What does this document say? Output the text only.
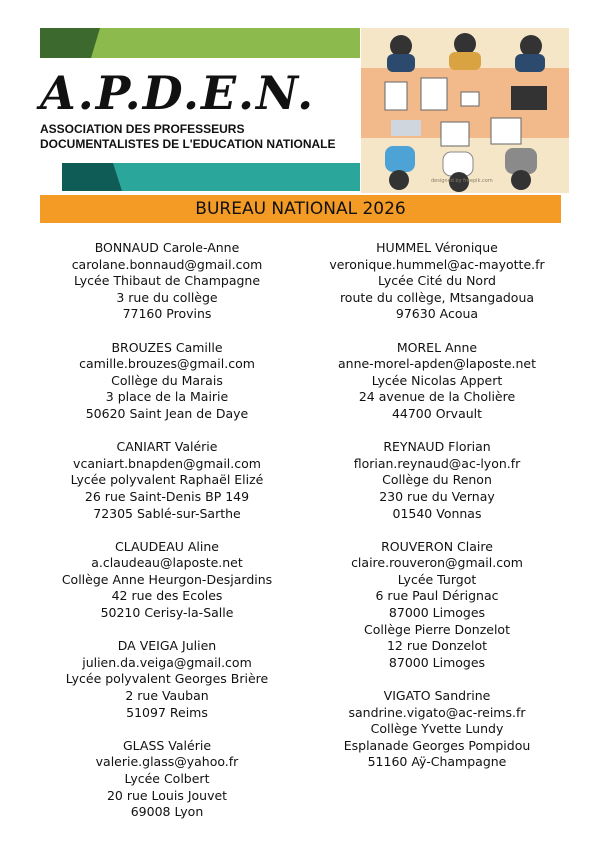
A.P.D.E.N.
ASSOCIATION DES PROFESSEURS
DOCUMENTALISTES DE L'EDUCATION NATIONALE
designed by freepik.com
BUREAU NATIONAL 2026
BONNAUD Carole-Anne
carolane.bonnaud@gmail.com
Lycée Thibaut de Champagne
3 rue du collège
77160 Provins
BROUZES Camille
camille.brouzes@gmail.com
Collège du Marais
3 place de la Mairie
50620 Saint Jean de Daye
CANIART Valérie
vcaniart.bnapden@gmail.com
Lycée polyvalent Raphaël Elizé
26 rue Saint-Denis BP 149
72305 Sablé-sur-Sarthe
CLAUDEAU Aline
a.claudeau@laposte.net
Collège Anne Heurgon-Desjardins
42 rue des Ecoles
50210 Cerisy-la-Salle
DA VEIGA Julien
julien.da.veiga@gmail.com
Lycée polyvalent Georges Brière
2 rue Vauban
51097 Reims
GLASS Valérie
valerie.glass@yahoo.fr
Lycée Colbert
20 rue Louis Jouvet
69008 Lyon
HUMMEL Véronique
veronique.hummel@ac-mayotte.fr
Lycée Cité du Nord
route du collège, Mtsangadoua
97630 Acoua
MOREL Anne
anne-morel-apden@laposte.net
Lycée Nicolas Appert
24 avenue de la Cholière
44700 Orvault
REYNAUD Florian
florian.reynaud@ac-lyon.fr
Collège du Renon
230 rue du Vernay
01540 Vonnas
ROUVERON Claire
claire.rouveron@gmail.com
Lycée Turgot
6 rue Paul Dérignac
87000 Limoges
Collège Pierre Donzelot
12 rue Donzelot
87000 Limoges
VIGATO Sandrine
sandrine.vigato@ac-reims.fr
Collège Yvette Lundy
Esplanade Georges Pompidou
51160 Aÿ-Champagne
